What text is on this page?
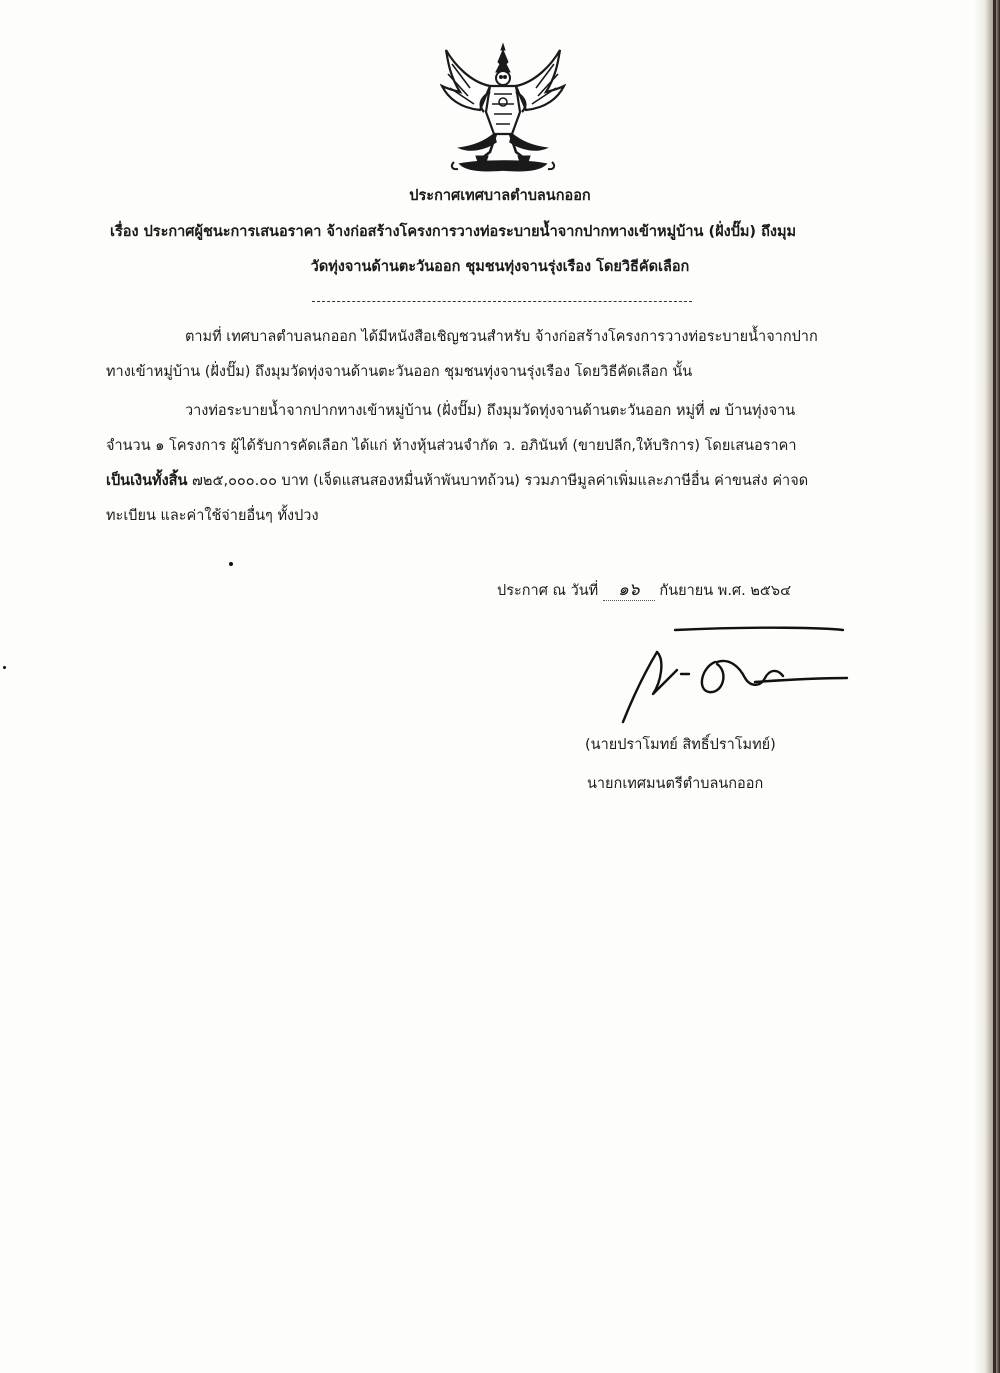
ประกาศเทศบาลตำบลนกออก
เรื่อง ประกาศผู้ชนะการเสนอราคา จ้างก่อสร้างโครงการวางท่อระบายน้ำจากปากทางเข้าหมู่บ้าน (ฝั่งปั๊ม) ถึงมุม
วัดทุ่งจานด้านตะวันออก ชุมชนทุ่งจานรุ่งเรือง โดยวิธีคัดเลือก
ตามที่ เทศบาลตำบลนกออก ได้มีหนังสือเชิญชวนสำหรับ จ้างก่อสร้างโครงการวางท่อระบายน้ำจากปาก
ทางเข้าหมู่บ้าน (ฝั่งปั๊ม) ถึงมุมวัดทุ่งจานด้านตะวันออก ชุมชนทุ่งจานรุ่งเรือง โดยวิธีคัดเลือก นั้น
วางท่อระบายน้ำจากปากทางเข้าหมู่บ้าน (ฝั่งปั๊ม) ถึงมุมวัดทุ่งจานด้านตะวันออก หมู่ที่ ๗ บ้านทุ่งจาน
จำนวน ๑ โครงการ ผู้ได้รับการคัดเลือก ได้แก่ ห้างหุ้นส่วนจำกัด ว. อภินันท์ (ขายปลีก,ให้บริการ) โดยเสนอราคา
เป็นเงินทั้งสิ้น ๗๒๕,๐๐๐.๐๐ บาท (เจ็ดแสนสองหมื่นห้าพันบาทถ้วน) รวมภาษีมูลค่าเพิ่มและภาษีอื่น ค่าขนส่ง ค่าจด
ทะเบียน และค่าใช้จ่ายอื่นๆ ทั้งปวง
ประกาศ ณ วันที่ ๑๖ กันยายน พ.ศ. ๒๕๖๔
(นายปราโมทย์ สิทธิ์ปราโมทย์)
นายกเทศมนตรีตำบลนกออก
